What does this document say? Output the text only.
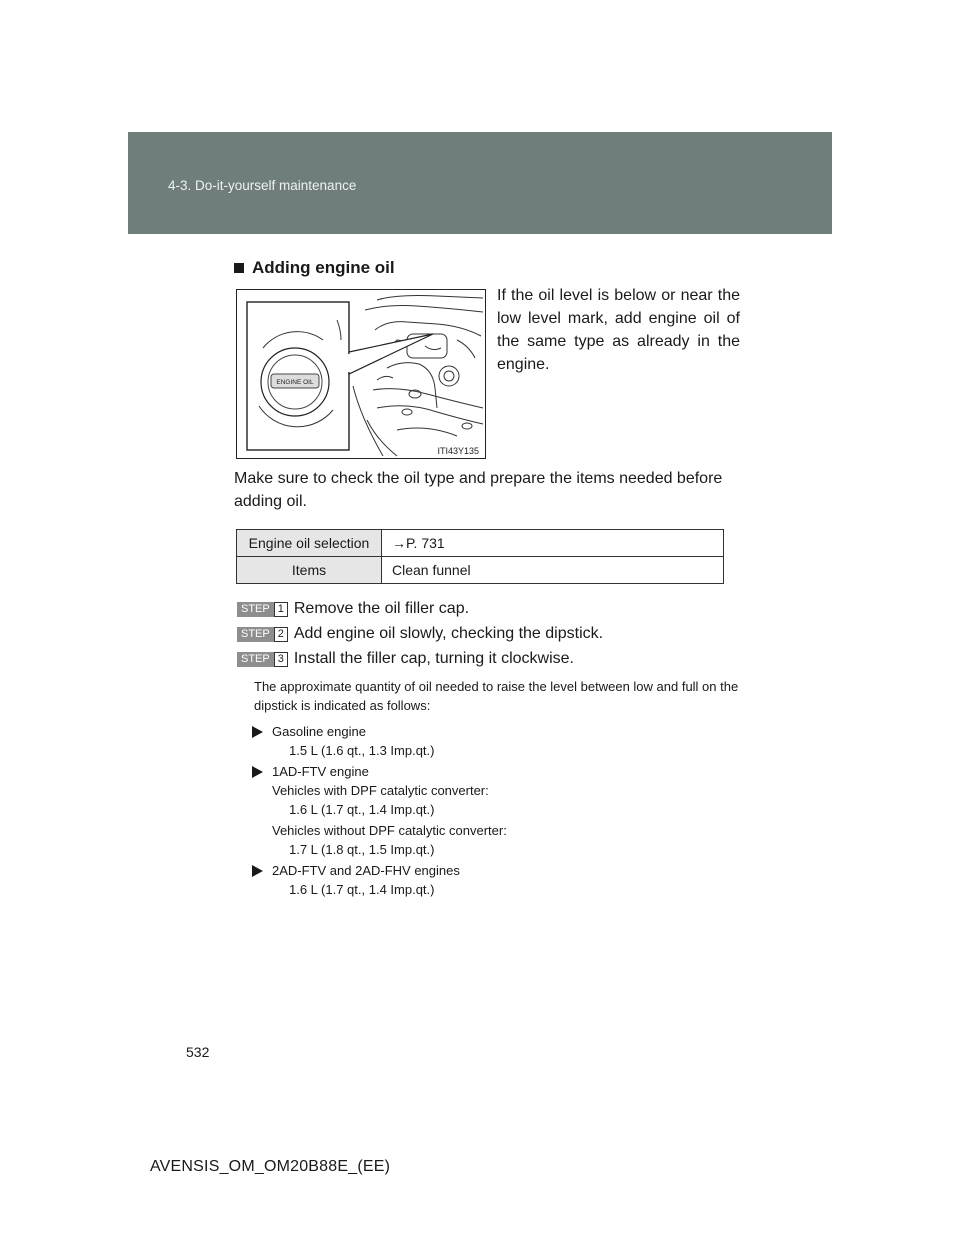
4-3. Do-it-yourself maintenance
Adding engine oil
ENGINE OIL
ITI43Y135
If the oil level is below or near the low level mark, add engine oil of the same type as already in the engine.
Make sure to check the oil type and prepare the items needed before adding oil.
Engine oil selection	→P. 731
Items	Clean funnel
STEP 1 Remove the oil filler cap.
STEP 2 Add engine oil slowly, checking the dipstick.
STEP 3 Install the filler cap, turning it clockwise.
The approximate quantity of oil needed to raise the level between low and full on the dipstick is indicated as follows:
Gasoline engine
1.5 L (1.6 qt., 1.3 Imp.qt.)
1AD-FTV engine
Vehicles with DPF catalytic converter:
1.6 L (1.7 qt., 1.4 Imp.qt.)
Vehicles without DPF catalytic converter:
1.7 L (1.8 qt., 1.5 Imp.qt.)
2AD-FTV and 2AD-FHV engines
1.6 L (1.7 qt., 1.4 Imp.qt.)
532
AVENSIS_OM_OM20B88E_(EE)
